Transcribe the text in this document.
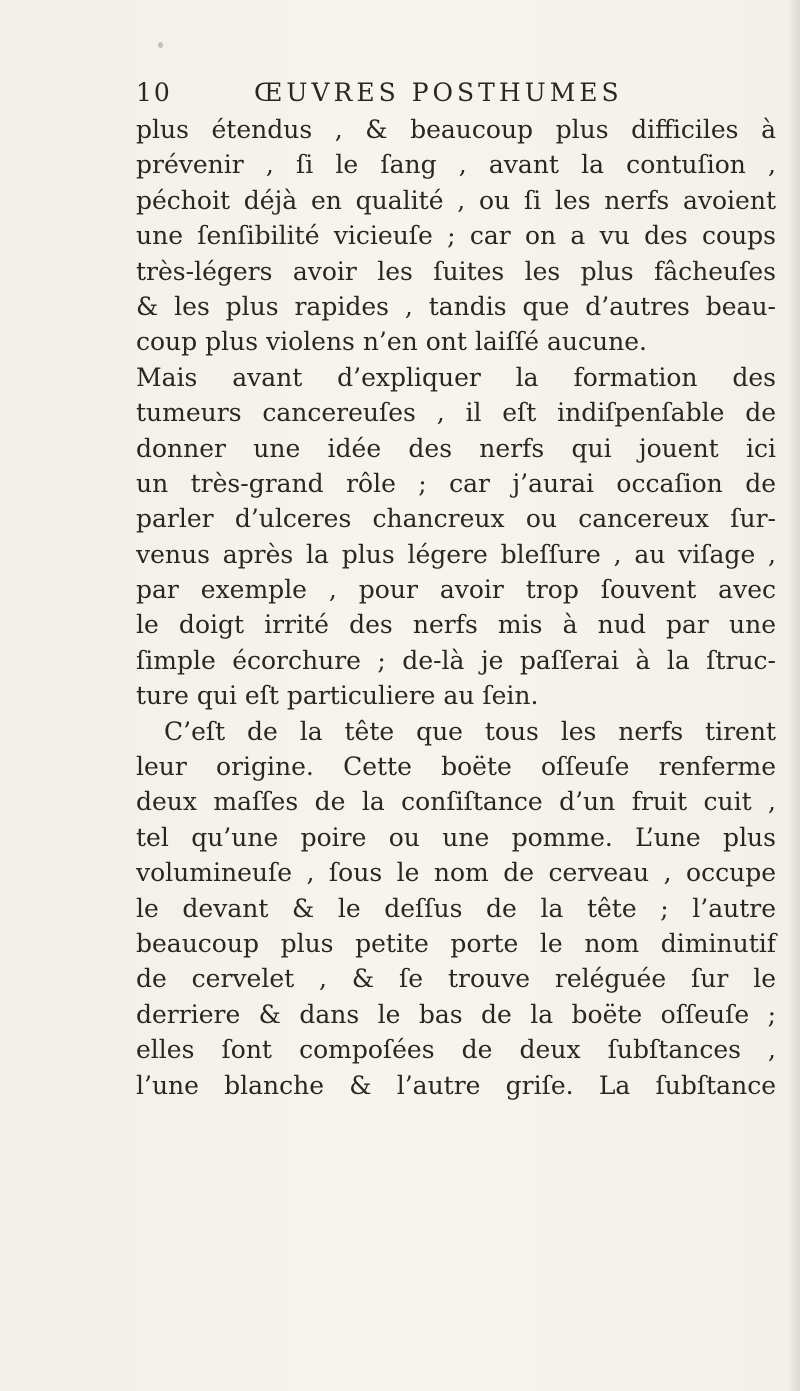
10	ŒUVRES POSTHUMES
plus étendus , & beaucoup plus difficiles à
prévenir , ſi le ſang , avant la contuſion ,
péchoit déjà en qualité , ou ſi les nerfs avoient
une ſenſibilité vicieuſe ; car on a vu des coups
très-légers avoir les ſuites les plus fâcheuſes
& les plus rapides , tandis que d’autres beau-
coup plus violens n’en ont laiſſé aucune.
Mais avant d’expliquer la formation des
tumeurs cancereuſes , il eſt indiſpenſable de
donner une idée des nerfs qui jouent ici
un très-grand rôle ; car j’aurai occaſion de
parler d’ulceres chancreux ou cancereux ſur-
venus après la plus légere bleſſure , au viſage ,
par exemple , pour avoir trop ſouvent avec
le doigt irrité des nerfs mis à nud par une
ſimple écorchure ; de-là je paſſerai à la ſtruc-
ture qui eſt particuliere au ſein.
C’eſt de la tête que tous les nerfs tirent
leur origine. Cette boëte oſſeuſe renferme
deux maſſes de la conſiſtance d’un fruit cuit ,
tel qu’une poire ou une pomme. L’une plus
volumineuſe , ſous le nom de cerveau , occupe
le devant & le deſſus de la tête ; l’autre
beaucoup plus petite porte le nom diminutif
de cervelet , & ſe trouve reléguée ſur le
derriere & dans le bas de la boëte oſſeuſe ;
elles ſont compoſées de deux ſubſtances ,
l’une blanche & l’autre griſe. La ſubſtance
